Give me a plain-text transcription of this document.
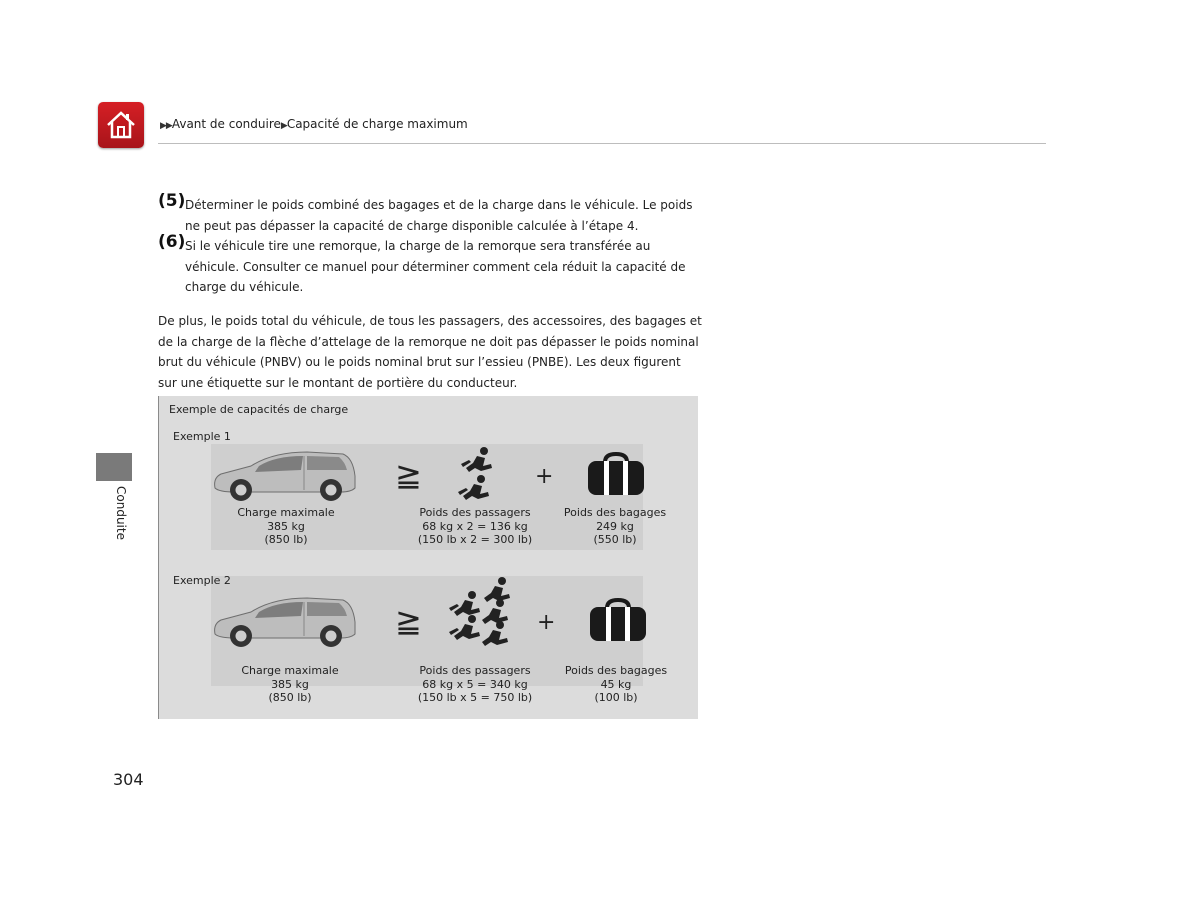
▶▶Avant de conduire▶Capacité de charge maximum
Conduite
(5) Déterminer le poids combiné des bagages et de la charge dans le véhicule. Le poids ne peut pas dépasser la capacité de charge disponible calculée à l’étape 4.
(6) Si le véhicule tire une remorque, la charge de la remorque sera transférée au véhicule. Consulter ce manuel pour déterminer comment cela réduit la capacité de charge du véhicule.
De plus, le poids total du véhicule, de tous les passagers, des accessoires, des bagages et de la charge de la flèche d’attelage de la remorque ne doit pas dépasser le poids nominal brut du véhicule (PNBV) ou le poids nominal brut sur l’essieu (PNBE). Les deux figurent sur une étiquette sur le montant de portière du conducteur.
Exemple de capacités de charge
Exemple 1
Exemple 2
≧	+
Charge maximale
385 kg
(850 lb)
Poids des passagers
68 kg x 2 = 136 kg
(150 lb x 2 = 300 lb)
Poids des bagages
249 kg
(550 lb)
≧	+
Charge maximale
385 kg
(850 lb)
Poids des passagers
68 kg x 5 = 340 kg
(150 lb x 5 = 750 lb)
Poids des bagages
45 kg
(100 lb)
304
